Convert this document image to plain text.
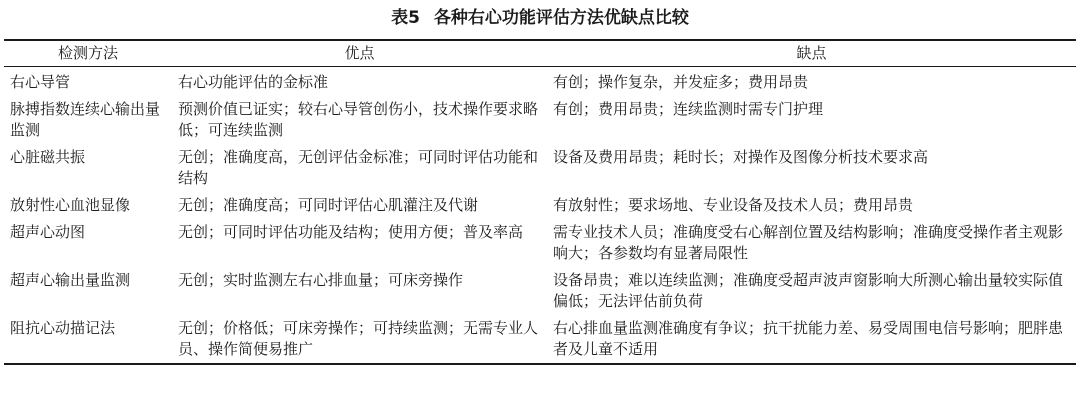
表5 各种右心功能评估方法优缺点比较
检测方法	优点	缺点
右心导管	右心功能评估的金标准	有创；操作复杂，并发症多；费用昂贵
脉搏指数连续心输出量监测	预测价值已证实；较右心导管创伤小，技术操作要求略低；可连续监测	有创；费用昂贵；连续监测时需专门护理
心脏磁共振	无创；准确度高，无创评估金标准；可同时评估功能和结构	设备及费用昂贵；耗时长；对操作及图像分析技术要求高
放射性心血池显像	无创；准确度高；可同时评估心肌灌注及代谢	有放射性；要求场地、专业设备及技术人员；费用昂贵
超声心动图	无创；可同时评估功能及结构；使用方便；普及率高	需专业技术人员；准确度受右心解剖位置及结构影响；准确度受操作者主观影响大；各参数均有显著局限性
超声心输出量监测	无创；实时监测左右心排血量；可床旁操作	设备昂贵；难以连续监测；准确度受超声波声窗影响大所测心输出量较实际值偏低；无法评估前负荷
阻抗心动描记法	无创；价格低；可床旁操作；可持续监测；无需专业人员、操作简便易推广	右心排血量监测准确度有争议；抗干扰能力差、易受周围电信号影响；肥胖患者及儿童不适用
